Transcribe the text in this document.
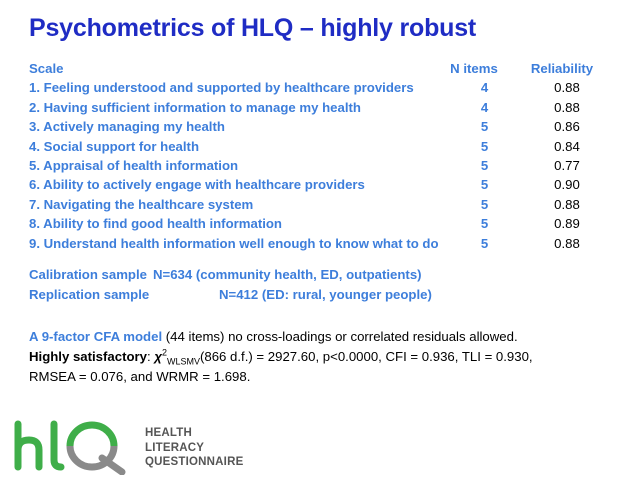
Psychometrics of HLQ – highly robust
Scale	N items	Reliability
1. Feeling understood and supported by healthcare providers	4	0.88
2. Having sufficient information to manage my health	4	0.88
3. Actively managing my health	5	0.86
4. Social support for health	5	0.84
5. Appraisal of health information	5	0.77
6. Ability to actively engage with healthcare providers	5	0.90
7. Navigating the healthcare system	5	0.88
8. Ability to find good health information	5	0.89
9. Understand health information well enough to know what to do	5	0.88
Calibration sample N=634 (community health, ED, outpatients)
Replication sample	N=412 (ED: rural, younger people)
A 9-factor CFA model (44 items) no cross-loadings or correlated residuals allowed.
Highly satisfactory: $\chi^2_{WLSMV}(866$ d.f.) = 2927.60, p<0.0000, CFI = 0.936, TLI = 0.930,
RMSEA = 0.076, and WRMR = 1.698.
HEALTH
LITERACY
QUESTIONNAIRE
